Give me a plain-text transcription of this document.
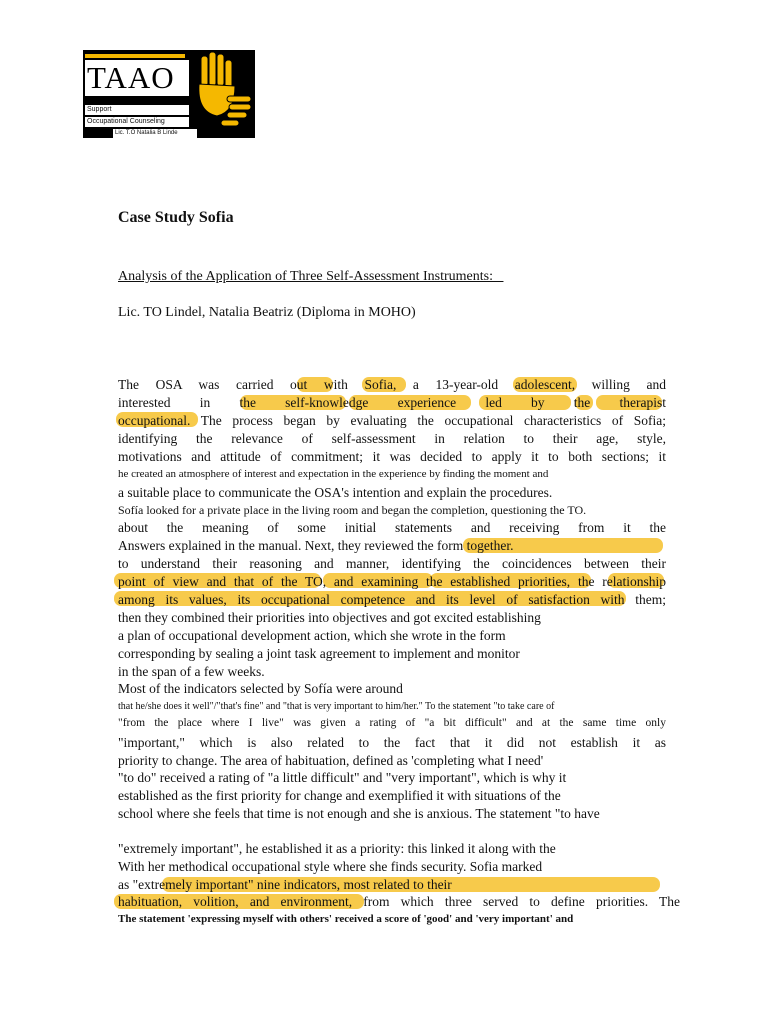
TAAO
Support
Occupational Counseling
Lic. T.O Natalia B Linde
Case Study Sofia
Analysis of the Application of Three Self-Assessment Instruments:
Lic. TO Lindel, Natalia Beatriz (Diploma in MOHO)
The OSA was carried out with Sofia, a 13-year-old adolescent, willing and
interested in the self-knowledge experience led by the therapist
occupational. The process began by evaluating the occupational characteristics of Sofia;
identifying the relevance of self-assessment in relation to their age, style,
motivations and attitude of commitment; it was decided to apply it to both sections; it
he created an atmosphere of interest and expectation in the experience by finding the moment and
a suitable place to communicate the OSA's intention and explain the procedures.
Sofía looked for a private place in the living room and began the completion, questioning the TO.
about the meaning of some initial statements and receiving from it the
Answers explained in the manual. Next, they reviewed the form together.
to understand their reasoning and manner, identifying the coincidences between their
point of view and that of the TO, and examining the established priorities, the relationship
among its values, its occupational competence and its level of satisfaction with them;
then they combined their priorities into objectives and got excited establishing
a plan of occupational development action, which she wrote in the form
corresponding by sealing a joint task agreement to implement and monitor
in the span of a few weeks.
Most of the indicators selected by Sofía were around
that he/she does it well"/"that's fine" and "that is very important to him/her." To the statement "to take care of
"from the place where I live" was given a rating of "a bit difficult" and at the same time only
"important," which is also related to the fact that it did not establish it as
priority to change. The area of habituation, defined as 'completing what I need'
"to do" received a rating of "a little difficult" and "very important", which is why it
established as the first priority for change and exemplified it with situations of the
school where she feels that time is not enough and she is anxious. The statement "to have
"extremely important", he established it as a priority: this linked it along with the
With her methodical occupational style where she finds security. Sofia marked
as "extremely important" nine indicators, most related to their
habituation, volition, and environment, from which three served to define priorities. The
The statement 'expressing myself with others' received a score of 'good' and 'very important' and
